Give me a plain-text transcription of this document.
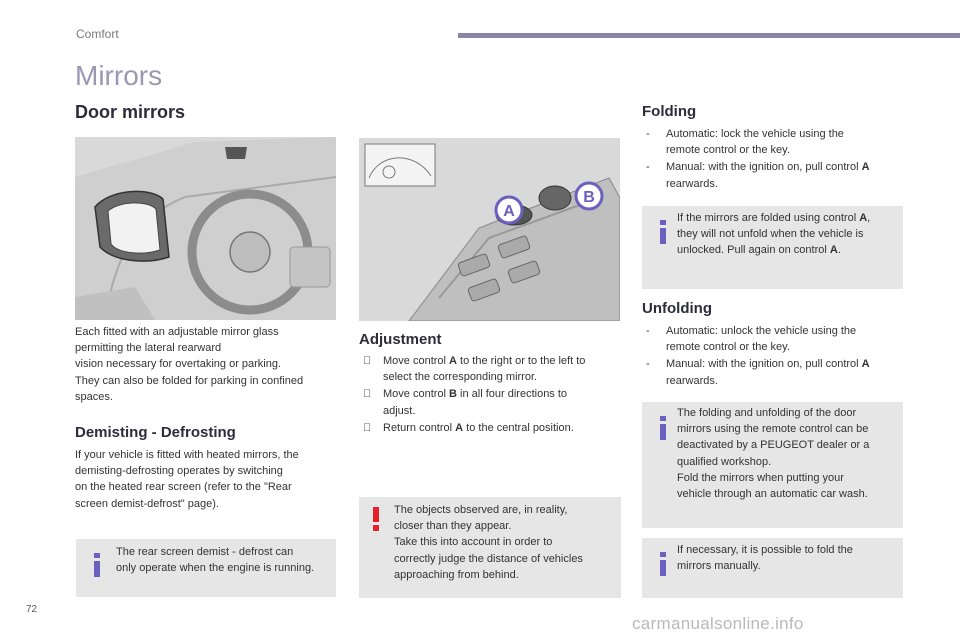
Comfort
Mirrors
Door mirrors
Each fitted with an adjustable mirror glass
permitting the lateral rearward
vision necessary for overtaking or parking.
They can also be folded for parking in confined
spaces.
Demisting - Defrosting
If your vehicle is fitted with heated mirrors, the
demisting-defrosting operates by switching
on the heated rear screen (refer to the "Rear
screen demist-defrost" page).
The rear screen demist - defrost can
only operate when the engine is running.
A
B
Adjustment
Move control A to the right or to the left to
select the corresponding mirror.
Move control B in all four directions to
adjust.
Return control A to the central position.
The objects observed are, in reality,
closer than they appear.
Take this into account in order to
correctly judge the distance of vehicles
approaching from behind.
Folding
- Automatic: lock the vehicle using the
remote control or the key.
- Manual: with the ignition on, pull control A
rearwards.
If the mirrors are folded using control A,
they will not unfold when the vehicle is
unlocked. Pull again on control A.
Unfolding
- Automatic: unlock the vehicle using the
remote control or the key.
- Manual: with the ignition on, pull control A
rearwards.
The folding and unfolding of the door
mirrors using the remote control can be
deactivated by a PEUGEOT dealer or a
qualified workshop.
Fold the mirrors when putting your
vehicle through an automatic car wash.
If necessary, it is possible to fold the
mirrors manually.
72
carmanualsonline.info
